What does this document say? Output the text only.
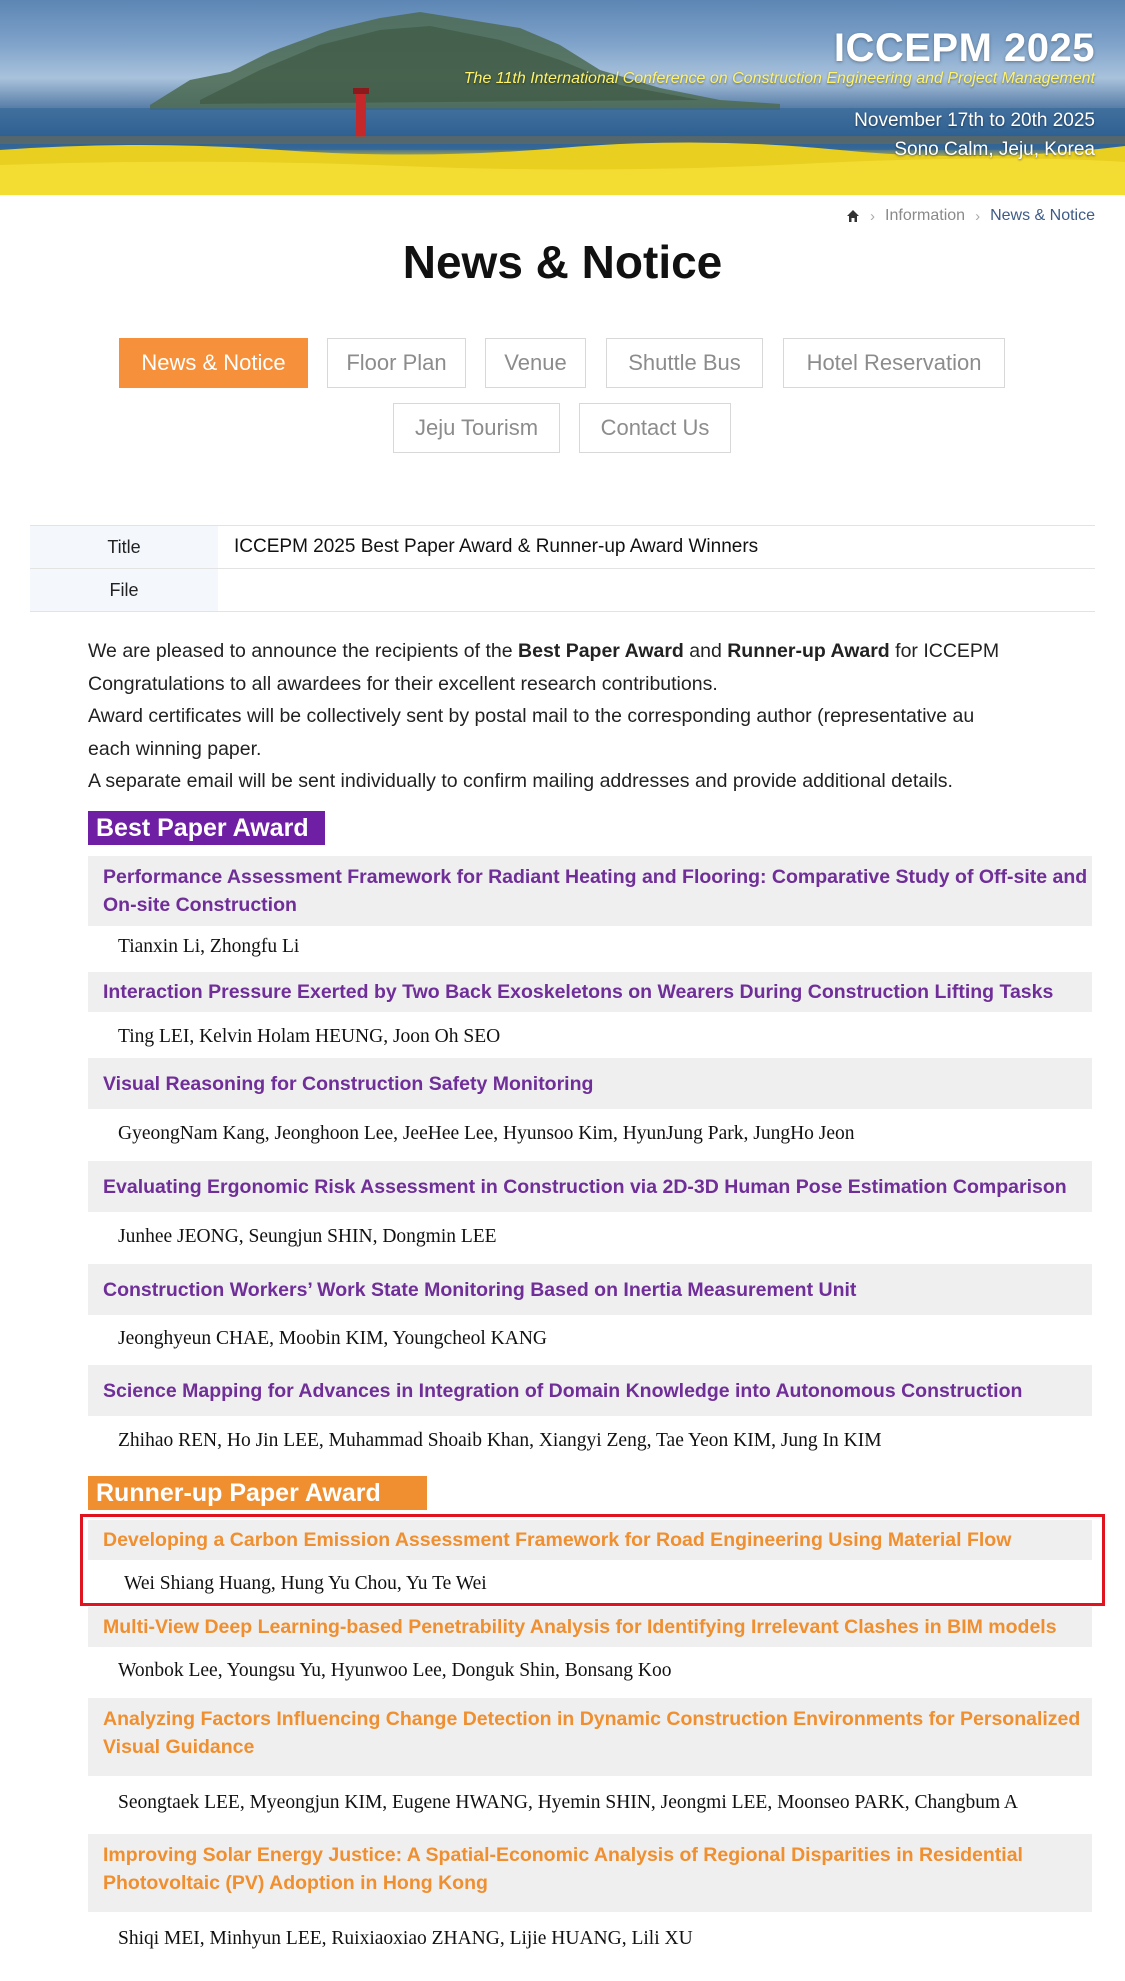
ICCEPM 2025
The 11th International Conference on Construction Engineering and Project Management
November 17th to 20th 2025
Sono Calm, Jeju, Korea
› Information › News & Notice
News & Notice
News & Notice	Floor Plan	Venue	Shuttle Bus	Hotel Reservation
Jeju Tourism	Contact Us
Title	ICCEPM 2025 Best Paper Award & Runner-up Award Winners
File

We are pleased to announce the recipients of the Best Paper Award and Runner-up Award for ICCEPM

Congratulations to all awardees for their excellent research contributions.

Award certificates will be collectively sent by postal mail to the corresponding author (representative au

each winning paper.

A separate email will be sent individually to confirm mailing addresses and provide additional details.

Best Paper Award
Performance Assessment Framework for Radiant Heating and Flooring: Comparative Study of Off-site and On-site Construction
Tianxin Li, Zhongfu Li
Interaction Pressure Exerted by Two Back Exoskeletons on Wearers During Construction Lifting Tasks
Ting LEI, Kelvin Holam HEUNG, Joon Oh SEO
Visual Reasoning for Construction Safety Monitoring
GyeongNam Kang, Jeonghoon Lee, JeeHee Lee, Hyunsoo Kim, HyunJung Park, JungHo Jeon
Evaluating Ergonomic Risk Assessment in Construction via 2D-3D Human Pose Estimation Comparison
Junhee JEONG, Seungjun SHIN, Dongmin LEE
Construction Workers’ Work State Monitoring Based on Inertia Measurement Unit
Jeonghyeun CHAE, Moobin KIM, Youngcheol KANG
Science Mapping for Advances in Integration of Domain Knowledge into Autonomous Construction
Zhihao REN, Ho Jin LEE, Muhammad Shoaib Khan, Xiangyi Zeng, Tae Yeon KIM, Jung In KIM
Runner-up Paper Award
Developing a Carbon Emission Assessment Framework for Road Engineering Using Material Flow
Wei Shiang Huang, Hung Yu Chou, Yu Te Wei
Multi-View Deep Learning-based Penetrability Analysis for Identifying Irrelevant Clashes in BIM models
Wonbok Lee, Youngsu Yu, Hyunwoo Lee, Donguk Shin, Bonsang Koo
Analyzing Factors Influencing Change Detection in Dynamic Construction Environments for Personalized Visual Guidance
Seongtaek LEE, Myeongjun KIM, Eugene HWANG, Hyemin SHIN, Jeongmi LEE, Moonseo PARK, Changbum A
Improving Solar Energy Justice: A Spatial-Economic Analysis of Regional Disparities in Residential Photovoltaic (PV) Adoption in Hong Kong
Shiqi MEI, Minhyun LEE, Ruixiaoxiao ZHANG, Lijie HUANG, Lili XU
